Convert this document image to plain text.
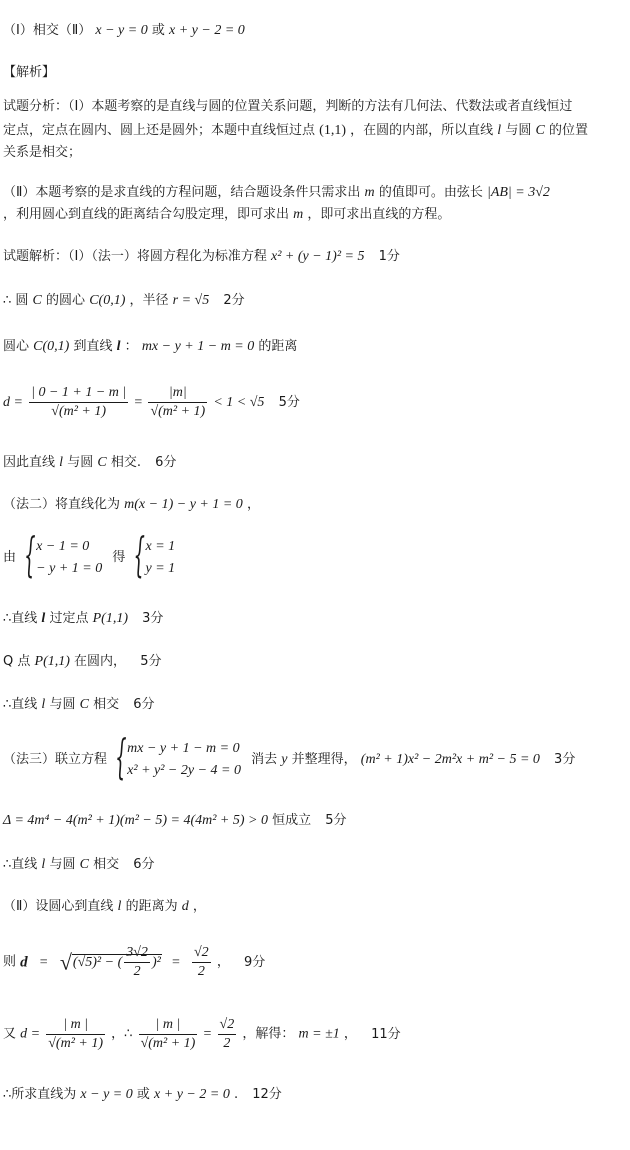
（Ⅰ）相交（Ⅱ） x − y = 0 或 x + y − 2 = 0
【解析】
试题分析：（Ⅰ）本题考察的是直线与圆的位置关系问题，判断的方法有几何法、代数法或者直线恒过
定点，定点在圆内、圆上还是圆外；本题中直线恒过点 (1,1) ，在圆的内部，所以直线 l 与圆 C 的位置
关系是相交；
（Ⅱ）本题考察的是求直线的方程问题，结合题设条件只需求出 m 的值即可。由弦长 |AB| = 3√2
，利用圆心到直线的距离结合勾股定理，即可求出 m ，即可求出直线的方程。
试题解析：（Ⅰ）（法一）将圆方程化为标准方程 x² + (y − 1)² = 5 1分
∴ 圆 C 的圆心 C(0,1) ，半径 r = √5 2分
圆心 C(0,1) 到直线 l ： mx − y + 1 − m = 0 的距离
$d = \frac{| 0 - 1 + 1 - m |}{\text{√(m² + 1)}} = \frac{|m|}{\text{√(m² + 1)}} < 1 < √5$ 5分
因此直线 l 与圆 C 相交. 6分
（法二）将直线化为 m(x − 1) − y + 1 = 0 ，
由
{ x − 1 = 0
− y + 1 = 0
得
{ x = 1
y = 1
∴直线 l 过定点 P(1,1) 3分
Q 点 P(1,1) 在圆内， 5分
∴直线 l 与圆 C 相交 6分
（法三）联立方程
{ mx − y + 1 − m = 0
x² + y² − 2y − 4 = 0
消去 y 并整理得， (m² + 1)x² − 2m²x + m² − 5 = 0 3分
Δ = 4m⁴ − 4(m² + 1)(m² − 5) = 4(4m² + 5) > 0 恒成立 5分
∴直线 l 与圆 C 相交 6分
（Ⅱ）设圆心到直线 l 的距离为 d ，
则 d = √(√5)² − ( $\frac{3√2}{2} )^2 = \frac{√2}{2}$ ， 9分
又 $d = \frac{| m |}{\text{√(m² + 1)}}$ ，∴ $\frac{| m |}{\text{√(m² + 1)}} = \frac{√2}{2}$ ，解得： m = ±1 ， 11分
∴所求直线为 x − y = 0 或 x + y − 2 = 0 . 12分
